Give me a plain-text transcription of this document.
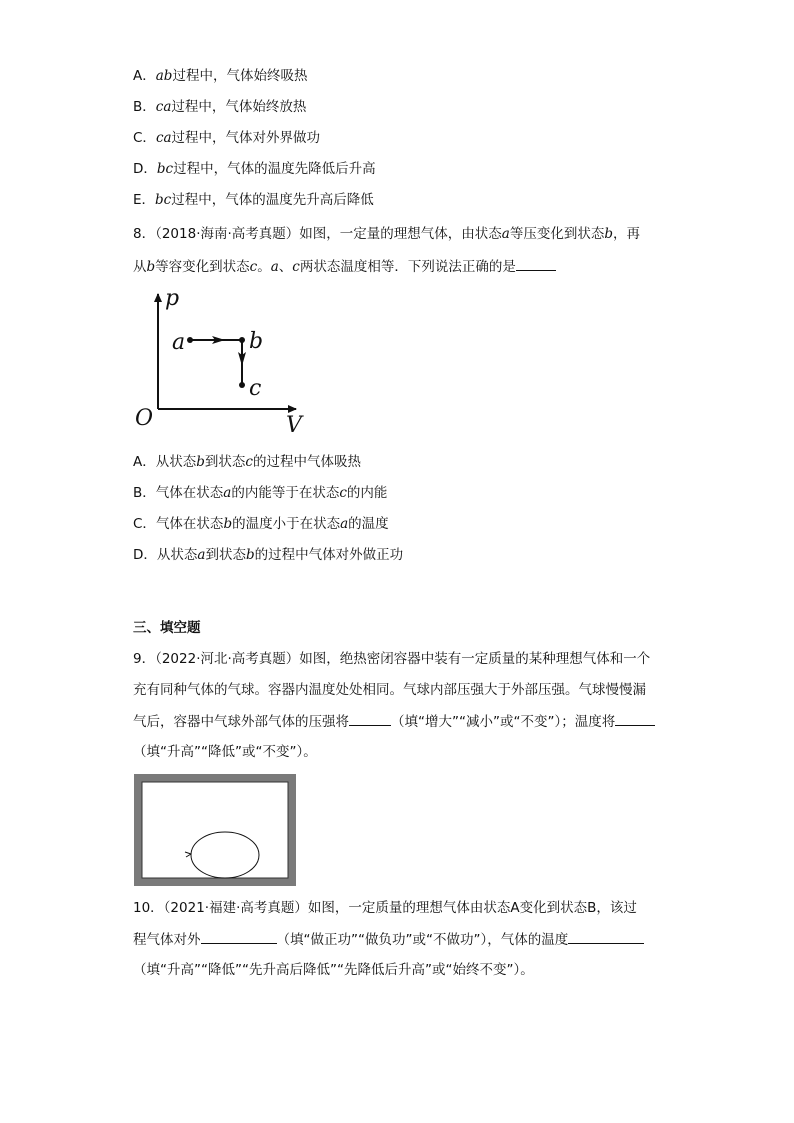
A．ab过程中，气体始终吸热
B．ca过程中，气体始终放热
C．ca过程中，气体对外界做功
D．bc过程中，气体的温度先降低后升高
E．bc过程中，气体的温度先升高后降低
8．（2018·海南·高考真题）如图，一定量的理想气体，由状态a等压变化到状态b，再
从b等容变化到状态c。a、c两状态温度相等．下列说法正确的是
p
V
O
a	b
c
A．从状态b到状态c的过程中气体吸热
B．气体在状态a的内能等于在状态c的内能
C．气体在状态b的温度小于在状态a的温度
D．从状态a到状态b的过程中气体对外做正功
三、填空题
9．（2022·河北·高考真题）如图，绝热密闭容器中装有一定质量的某种理想气体和一个
充有同种气体的气球。容器内温度处处相同。气球内部压强大于外部压强。气球慢慢漏
气后，容器中气球外部气体的压强将	（填“增大”“减小”或“不变”）；温度将
（填“升高”“降低”或“不变”）。
10．（2021·福建·高考真题）如图，一定质量的理想气体由状态A变化到状态B，该过
程气体对外	（填“做正功”“做负功”或“不做功”），气体的温度
（填“升高”“降低”“先升高后降低”“先降低后升高”或“始终不变”）。
